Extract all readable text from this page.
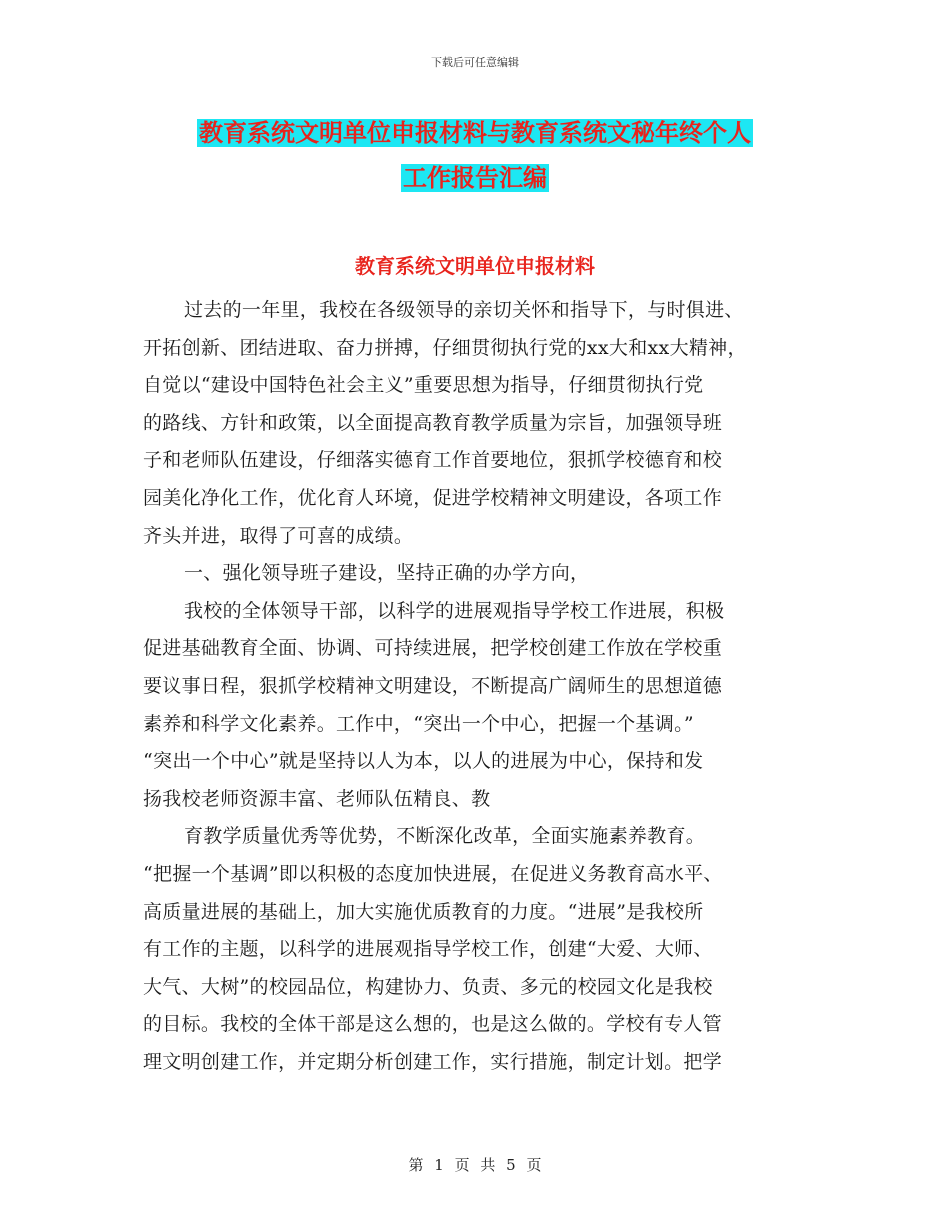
下载后可任意编辑
教育系统文明单位申报材料与教育系统文秘年终个人
工作报告汇编
教育系统文明单位申报材料
过去的一年里，我校在各级领导的亲切关怀和指导下，与时俱进、
开拓创新、团结进取、奋力拼搏，仔细贯彻执行党的xx大和xx大精神，
自觉以“建设中国特色社会主义”重要思想为指导，仔细贯彻执行党
的路线、方针和政策，以全面提高教育教学质量为宗旨，加强领导班
子和老师队伍建设，仔细落实德育工作首要地位，狠抓学校德育和校
园美化净化工作，优化育人环境，促进学校精神文明建设，各项工作
齐头并进，取得了可喜的成绩。
一、强化领导班子建设，坚持正确的办学方向，
我校的全体领导干部，以科学的进展观指导学校工作进展，积极
促进基础教育全面、协调、可持续进展，把学校创建工作放在学校重
要议事日程，狠抓学校精神文明建设，不断提高广阔师生的思想道德
素养和科学文化素养。工作中，“突出一个中心，把握一个基调。”
“突出一个中心”就是坚持以人为本，以人的进展为中心，保持和发
扬我校老师资源丰富、老师队伍精良、教
育教学质量优秀等优势，不断深化改革，全面实施素养教育。
“把握一个基调”即以积极的态度加快进展，在促进义务教育高水平、
高质量进展的基础上，加大实施优质教育的力度。“进展”是我校所
有工作的主题，以科学的进展观指导学校工作，创建“大爱、大师、
大气、大树”的校园品位，构建协力、负责、多元的校园文化是我校
的目标。我校的全体干部是这么想的，也是这么做的。学校有专人管
理文明创建工作，并定期分析创建工作，实行措施，制定计划。把学
第 1 页 共 5 页
